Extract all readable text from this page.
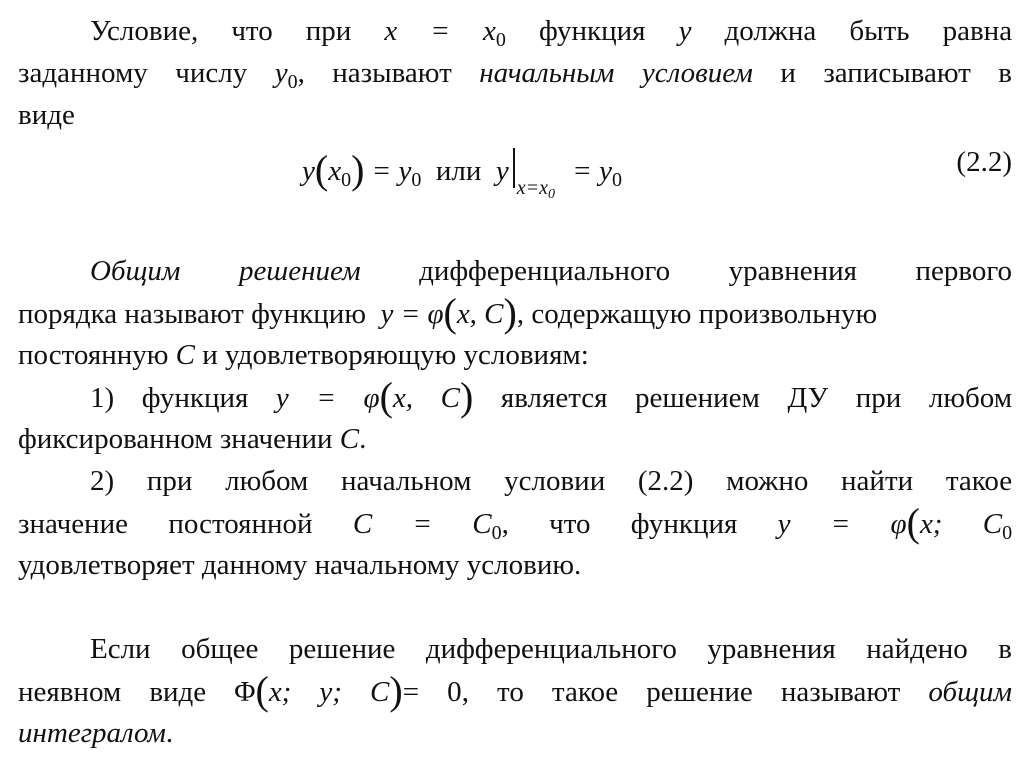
Условие, что при $x = x_0$ функция y должна быть равна
заданному числу $y_0$, называют начальным условием и записывают в
виде
$y(x_0) = y_0$ или $y_{x=x_0} = y_0$
(2.2)
Общим решением дифференциального уравнения первого
порядка называют функцию y = φ(x, C), содержащую произвольную
постоянную C и удовлетворяющую условиям:
1) функция y = φ(x, C) является решением ДУ при любом
фиксированном значении C.
2) при любом начальном условии (2.2) можно найти такое
значение постоянной $C = C_0$, что функция y = φ(x; $C_0$
удовлетворяет данному начальному условию.
Если общее решение дифференциального уравнения найдено в
неявном виде Φ(x; y; C)= 0, то такое решение называют общим
интегралом.
